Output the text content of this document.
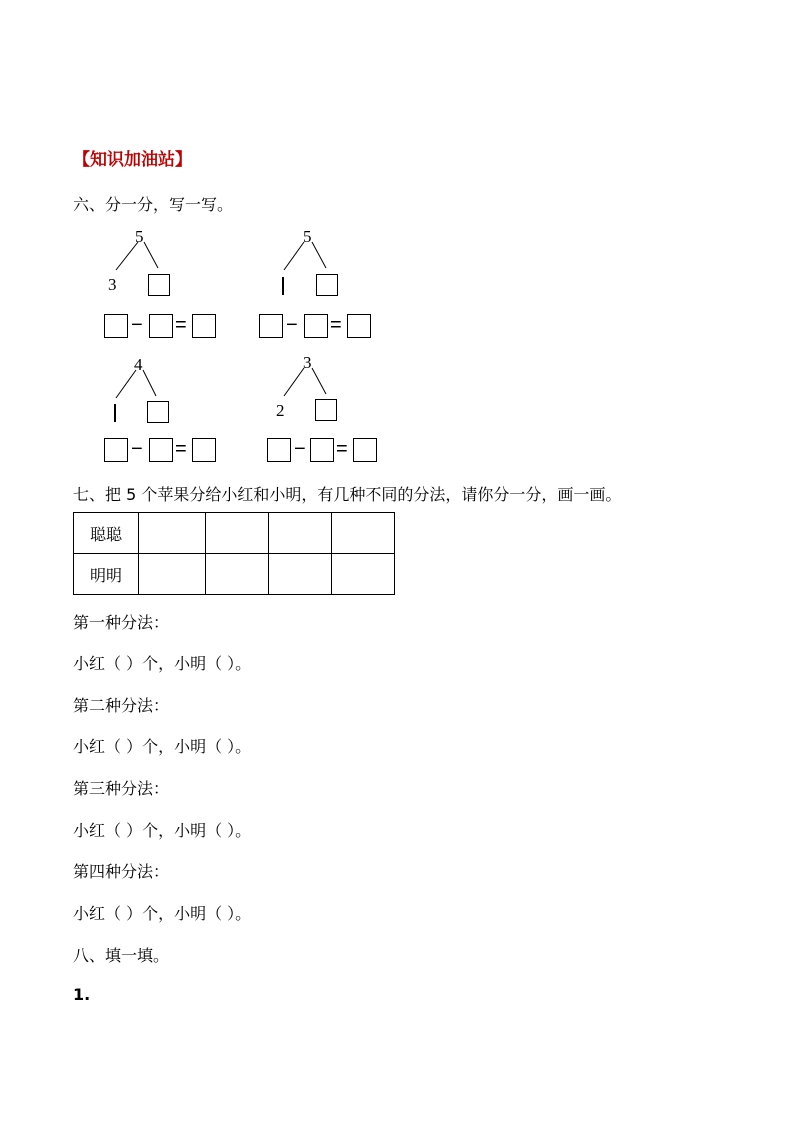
【知识加油站】
六、分一分，写一写。
5
3
− =
5
− =
4
− =
3
2
− =
七、把 5 个苹果分给小红和小明，有几种不同的分法，请你分一分，画一画。
聪聪				
明明				
第一种分法：
小红（ ）个，小明（ ）。
第二种分法：
小红（ ）个，小明（ ）。
第三种分法：
小红（ ）个，小明（ ）。
第四种分法：
小红（ ）个，小明（ ）。
八、填一填。
1.
